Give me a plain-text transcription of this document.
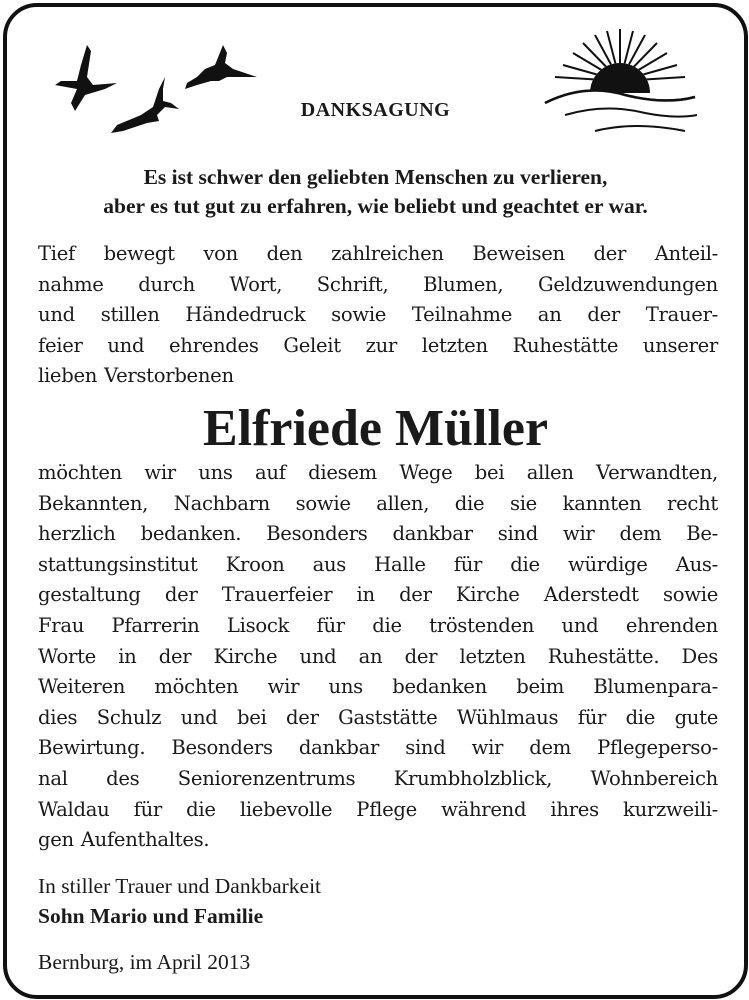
DANKSAGUNG
Es ist schwer den geliebten Menschen zu verlieren,
aber es tut gut zu erfahren, wie beliebt und geachtet er war.
Tief bewegt von den zahlreichen Beweisen der Anteil-
nahme durch Wort, Schrift, Blumen, Geldzuwendungen
und stillen Händedruck sowie Teilnahme an der Trauer-
feier und ehrendes Geleit zur letzten Ruhestätte unserer
lieben Verstorbenen
Elfriede Müller
möchten wir uns auf diesem Wege bei allen Verwandten,
Bekannten, Nachbarn sowie allen, die sie kannten recht
herzlich bedanken. Besonders dankbar sind wir dem Be-
stattungsinstitut Kroon aus Halle für die würdige Aus-
gestaltung der Trauerfeier in der Kirche Aderstedt sowie
Frau Pfarrerin Lisock für die tröstenden und ehrenden
Worte in der Kirche und an der letzten Ruhestätte. Des
Weiteren möchten wir uns bedanken beim Blumenpara-
dies Schulz und bei der Gaststätte Wühlmaus für die gute
Bewirtung. Besonders dankbar sind wir dem Pflegeperso-
nal des Seniorenzentrums Krumbholzblick, Wohnbereich
Waldau für die liebevolle Pflege während ihres kurzweili-
gen Aufenthaltes.
In stiller Trauer und Dankbarkeit
Sohn Mario und Familie
Bernburg, im April 2013
